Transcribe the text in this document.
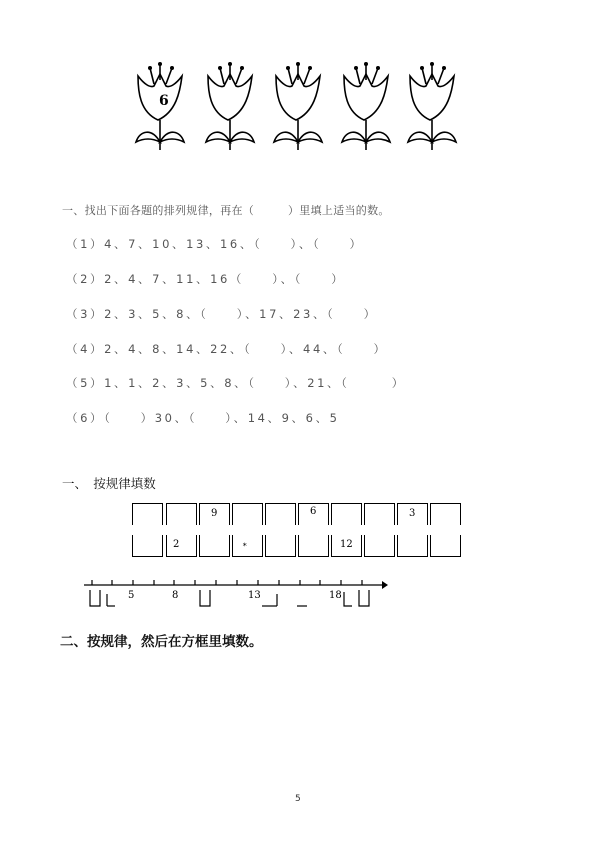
6
一、找出下面各题的排列规律，再在（　　　）里填上适当的数。
（1）4、7、10、13、16、（　　）、（　　）
（2）2、4、7、11、16（　　）、（　　）
（3）2、3、5、8、（　　）、17、23、（　　）
（4）2、4、8、14、22、（　　）、44、（　　）
（5）1、1、2、3、5、8、（　　）、21、（　　　）
（6）（　　）30、（　　）、14、9、6、5
一、　按规律填数
9	6	3
2	∗	12
5	8	13	18
二、按规律，然后在方框里填数。
5
